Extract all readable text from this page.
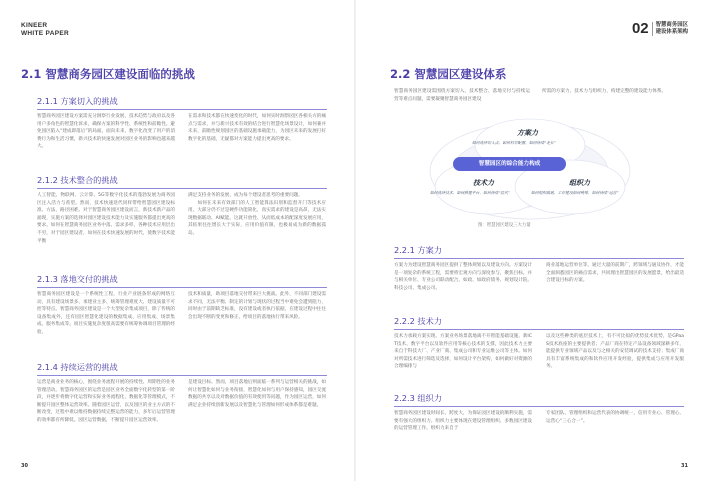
KINEER
WHITE PAPER
2.1 智慧商务园区建设面临的挑战
2.1.1 方案切入的挑战
智慧商务园区建设方案需充分洞察行业发展、技术趋势与政府以及各用户多角色的智慧化诉求，确保方案的科学性、系统性和前瞻性。避免园区陷入“建成即落后”的局面。面向未来，数字化改变了用户的消费行为和生活习惯，新兴技术的快速发展对园区业务的影响也越来越大。
在需求和技术都在快速变化的时代，如何实时洞察园区各相关方的痛点与需求，并与新兴技术有效的结合进行智慧化场景设计，如何兼并未来，前瞻性规划园区的基础设施承载能力，为园区未来的发展打好数字化的基础，无疑都对方案能力提出更高的要求。
2.1.2 技术整合的挑战
人工智能、物联网、云计算、5G等数字化技术的蓬勃发展为商务园区注入活力与希望。然而，技术快速迭代同样带给智慧园区建设标准、方法、路径困难。对于智慧商务园区建设而言，新技术新产品的涌现，实施方案的选择对园区建设技术能力及实施服务都提出更高的要求。如何在智慧商务园区业务中落、需求多样，各种技术应用层出不穷，对于园区建设者，如何在技术快速发展的时代，使数字技术能平衡
满足支持业务的发展，成为每个建设者思考的重要问题。
　　如何在未来有效部门的人工智能算法识别和监督开门等技术应用，大部分仍不过是硬件功能简化，真实需求的建设是高昂，无法实现数据联动、AI赋能。这就开放性、从而低成本的配深度发展应用，其结果往往增长大于实际，应用价值有限，也极易成为新的数据孤岛。
2.1.3 落地交付的挑战
智慧商务园区建设是一个系统性工程，行业产业链条形成的网络互动，具有建设场景多、承建业主多、统筹管理难度大、建设质量不可控等特点。智慧商务园区建设是一个大型复杂集成项目，除了传统的设备集成外，还有园区智慧化建设的数据集成、应用集成、场景集成、服务集成等。项目实施复杂度很高需要有统筹协调项目管理的经验、
技术和质量，助项目落地交付带来巨大挑战。此外，不同部门建设需求不同，无法平衡、制定的计划与现状的过程当中难免会遭到阻力，同时由于前期缺乏标准，没有建设或者执行依据，在建设过程中往往会出现不断的变更和修正，给项目的落地执行带来风险。
2.1.4 持续运营的挑战
运营是商业业务的核心，围绕业务流程开展的持续性、周期性的业务管理活动。智慧商务园区的运营是园区业务全面数字化转型的第一阶段，并逐步将数字化运营和实际业务流程化、数据化等管理模式，不断提升园区整体运营效率。随着园区运营，以及园区的业主方式的不断改变，过程中难以维持数据持续完整运营的能力，多年后运营管理的效率都有所降低。园区运营数据，不断提升园区运营效率。
是建设目标。然而，项目落地后则面临一系列与运营相关的挑战，如何让智慧化如何与业务衔接，智慧化如何与用户保持感知，园区交流数据的共享以及对数据价值的有效使用等问题，作为园区运营，如何满足企业持续创新发展以及智慧化与管理如何形成体系都是难题。
30
02 智慧商务园区
建设体系架构
2.2 智慧园区建设体系
智慧商务园区建设需围绕方案切入、技术整合、落地交付与持续运营等难点问题，需要凝聚智慧商务园区建设
所需的方案力、技术力与组织力，构建完整的建设能力体系。
2.2.1 方案力
方案力为建设智慧商务园区提供了整体规划以及建设方向。方案设计是一项复杂的系统工程，需要将宏观方向与深度参与，聚焦目标，并与相关单位、专业公司联动配合，如政、如政府债务、规划设计院、科技公司、集成公司。
商业落地运营单位等。通过大量的前期广，跨领域与通及协作，才能全面洞悉园区的痛点需求，共同理出智慧园区的发展愿景，给出最适合建设目标的方案。
2.2.2 技术力
技术力承载方案实现。方案业务场景落地离不开智能基础设施、新ICT技术、数字平台以及软件应用等核心技术的支撑，因此技术力主要来自于科技大厂、产业厂商、集成公司和专业运维公司等主体。如何对所需技术进行筛选及选择，如何设计平台架构，如何做好对资源的合理编排与
以及这些种类的底层技术上，有不可比拟的优势技术优势，是GPaaS技术底座的主要提供者；产品厂商在特定产品设备领域深耕多年，能提供专业领域产品以及与之相关的安装调试的技术支持；集成厂商具有丰富系统集成的和软件应用开发经验，提供集成与应用开发服务。
2.2.3 组织力
智慧商务园区建设时间长、跨度大，为保证园区建设的顺利实施，需要有强大的组织力。组织力主要体现在建设管理组织、多数园区建设的运营管理工作。组织力来自于
专家团队、管理组织和运营代表的协调统一，信用专业心、管理心、运营心“三心合一”。
31
方案力
如何选择切入点、如何科学配置、如何持续“走长”
智慧园区的综合能力构成
技术力
如何选择技术、如何搭建平台、如何持续“迭代”
组织力
如何组织落地、工作建设如何统筹、如何持续“运营”
图：智慧园区建设三大力量
